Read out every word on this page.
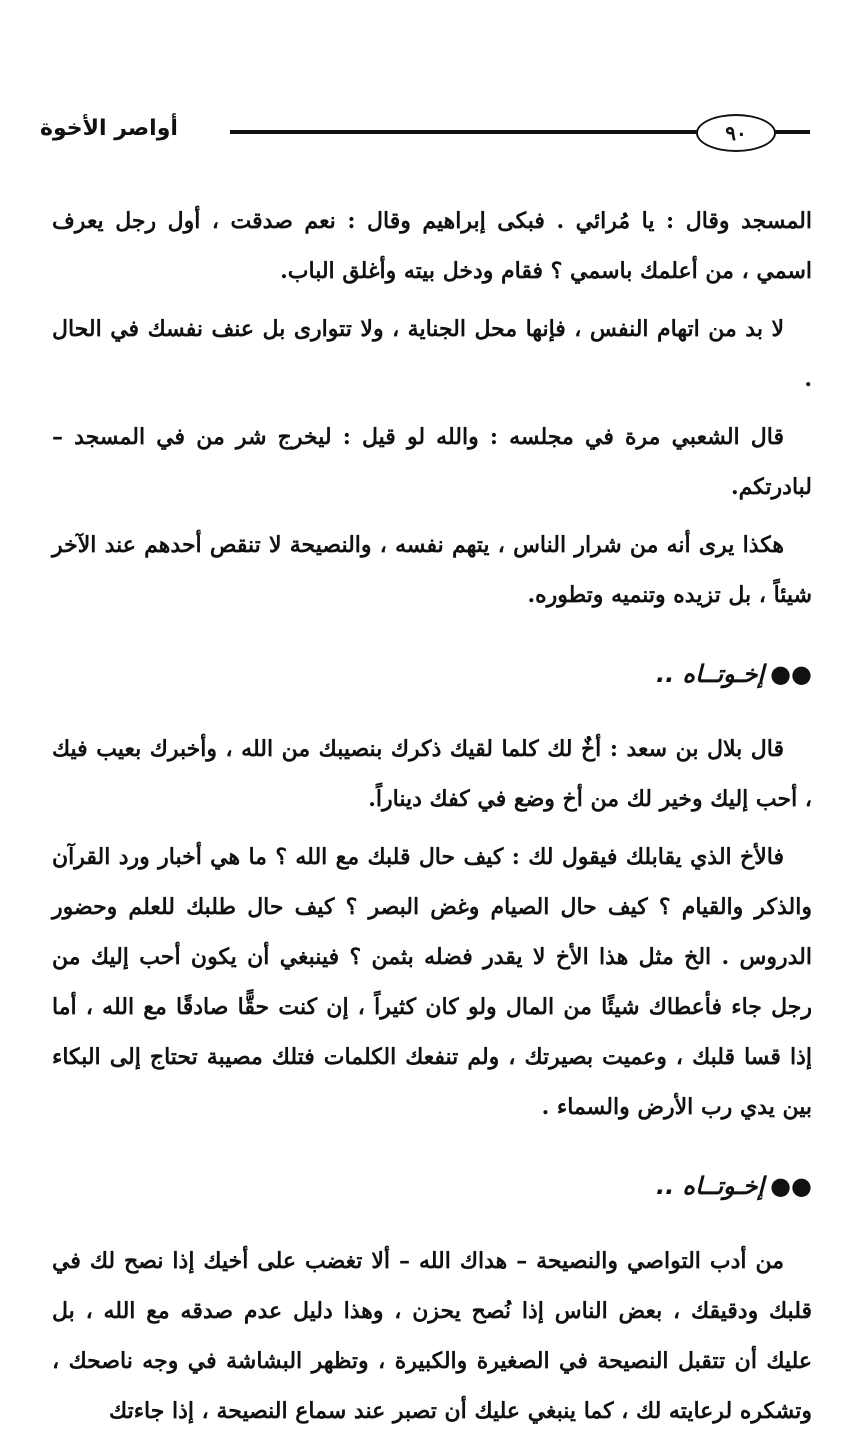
٩٠
أواصر الأخوة

المسجد وقال : يا مُرائي . فبكى إبراهيم وقال : نعم صدقت ، أول رجل يعرف اسمي ، من أعلمك باسمي ؟ فقام ودخل بيته وأغلق الباب.

لا بد من اتهام النفس ، فإنها محل الجناية ، ولا تتوارى بل عنف نفسك في الحال .

قال الشعبي مرة في مجلسه : والله لو قيل : ليخرج شر من في المسجد – لبادرتكم.

هكذا يرى أنه من شرار الناس ، يتهم نفسه ، والنصيحة لا تنقص أحدهم عند الآخر شيئاً ، بل تزيده وتنميه وتطوره.

●●إخـوتــاه ..

قال بلال بن سعد : أخٌ لك كلما لقيك ذكرك بنصيبك من الله ، وأخبرك بعيب فيك ، أحب إليك وخير لك من أخ وضع في كفك ديناراً.

فالأخ الذي يقابلك فيقول لك : كيف حال قلبك مع الله ؟ ما هي أخبار ورد القرآن والذكر والقيام ؟ كيف حال الصيام وغض البصر ؟ كيف حال طلبك للعلم وحضور الدروس . الخ مثل هذا الأخ لا يقدر فضله بثمن ؟ فينبغي أن يكون أحب إليك من رجل جاء فأعطاك شيئًا من المال ولو كان كثيراً ، إن كنت حقًّا صادقًا مع الله ، أما إذا قسا قلبك ، وعميت بصيرتك ، ولم تنفعك الكلمات فتلك مصيبة تحتاج إلى البكاء بين يدي رب الأرض والسماء .

●●إخـوتــاه ..

من أدب التواصي والنصيحة – هداك الله – ألا تغضب على أخيك إذا نصح لك في قلبك ودقيقك ، بعض الناس إذا نُصح يحزن ، وهذا دليل عدم صدقه مع الله ، بل عليك أن تتقبل النصيحة في الصغيرة والكبيرة ، وتظهر البشاشة في وجه ناصحك ، وتشكره لرعايته لك ، كما ينبغي عليك أن تصبر عند سماع النصيحة ، إذا جاءتك
